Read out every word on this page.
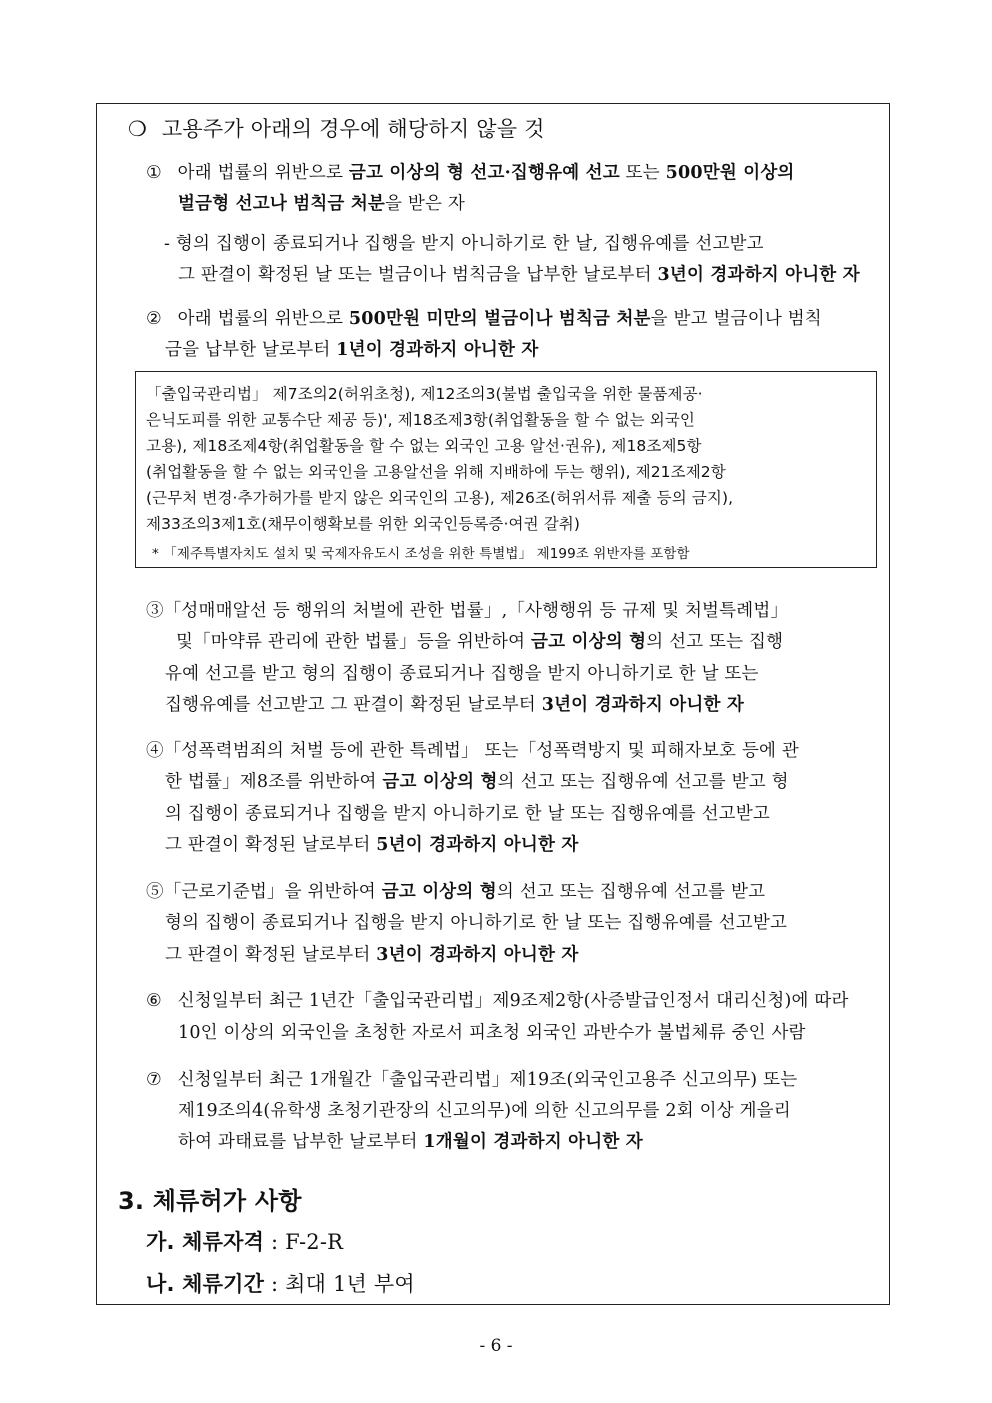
❍ 고용주가 아래의 경우에 해당하지 않을 것
① 아래 법률의 위반으로 금고 이상의 형 선고·집행유예 선고 또는 500만원 이상의
벌금형 선고나 범칙금 처분을 받은 자
- 형의 집행이 종료되거나 집행을 받지 아니하기로 한 날, 집행유예를 선고받고
그 판결이 확정된 날 또는 벌금이나 범칙금을 납부한 날로부터 3년이 경과하지 아니한 자
② 아래 법률의 위반으로 500만원 미만의 벌금이나 범칙금 처분을 받고 벌금이나 범칙
금을 납부한 날로부터 1년이 경과하지 아니한 자
「출입국관리법」 제7조의2(허위초청), 제12조의3(불법 출입국을 위한 물품제공·
은닉도피를 위한 교통수단 제공 등)', 제18조제3항(취업활동을 할 수 없는 외국인
고용), 제18조제4항(취업활동을 할 수 없는 외국인 고용 알선·권유), 제18조제5항
(취업활동을 할 수 없는 외국인을 고용알선을 위해 지배하에 두는 행위), 제21조제2항
(근무처 변경·추가허가를 받지 않은 외국인의 고용), 제26조(허위서류 제출 등의 금지),
제33조의3제1호(채무이행확보를 위한 외국인등록증·여권 갈취)
* 「제주특별자치도 설치 및 국제자유도시 조성을 위한 특별법」 제199조 위반자를 포함함
③「성매매알선 등 행위의 처벌에 관한 법률」,「사행행위 등 규제 및 처벌특례법」
및「마약류 관리에 관한 법률」등을 위반하여 금고 이상의 형의 선고 또는 집행
유예 선고를 받고 형의 집행이 종료되거나 집행을 받지 아니하기로 한 날 또는
집행유예를 선고받고 그 판결이 확정된 날로부터 3년이 경과하지 아니한 자
④「성폭력범죄의 처벌 등에 관한 특례법」 또는「성폭력방지 및 피해자보호 등에 관
한 법률」제8조를 위반하여 금고 이상의 형의 선고 또는 집행유예 선고를 받고 형
의 집행이 종료되거나 집행을 받지 아니하기로 한 날 또는 집행유예를 선고받고
그 판결이 확정된 날로부터 5년이 경과하지 아니한 자
⑤「근로기준법」을 위반하여 금고 이상의 형의 선고 또는 집행유예 선고를 받고
형의 집행이 종료되거나 집행을 받지 아니하기로 한 날 또는 집행유예를 선고받고
그 판결이 확정된 날로부터 3년이 경과하지 아니한 자
⑥ 신청일부터 최근 1년간「출입국관리법」제9조제2항(사증발급인정서 대리신청)에 따라
10인 이상의 외국인을 초청한 자로서 피초청 외국인 과반수가 불법체류 중인 사람
⑦ 신청일부터 최근 1개월간「출입국관리법」제19조(외국인고용주 신고의무) 또는
제19조의4(유학생 초청기관장의 신고의무)에 의한 신고의무를 2회 이상 게을리
하여 과태료를 납부한 날로부터 1개월이 경과하지 아니한 자
3. 체류허가 사항
가. 체류자격 : F-2-R
나. 체류기간 : 최대 1년 부여
- 6 -
